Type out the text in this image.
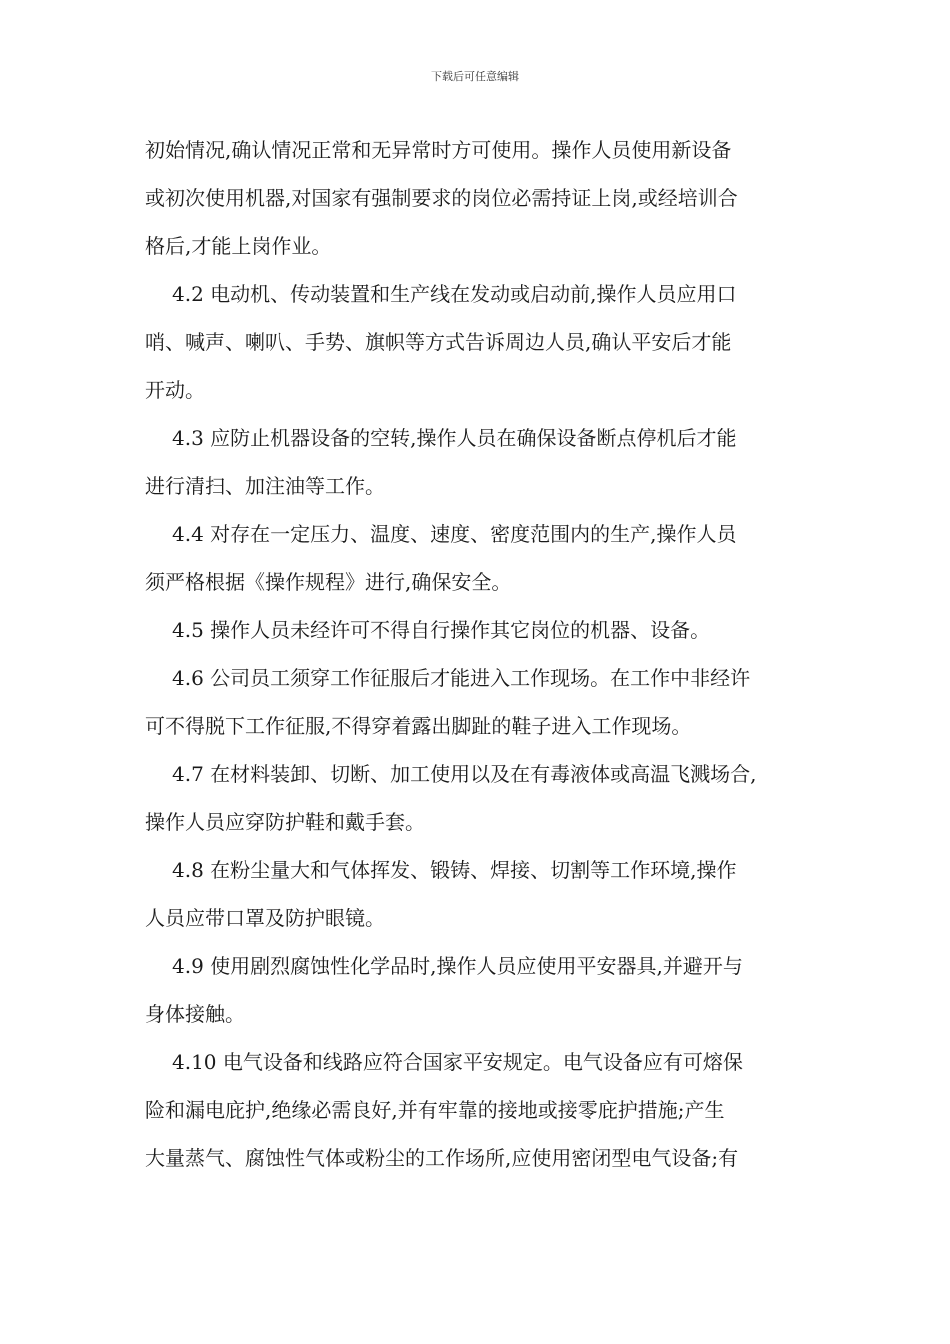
下载后可任意编辑
初始情况,确认情况正常和无异常时方可使用。操作人员使用新设备
或初次使用机器,对国家有强制要求的岗位必需持证上岗,或经培训合
格后,才能上岗作业。
4.2 电动机、传动装置和生产线在发动或启动前,操作人员应用口
哨、喊声、喇叭、手势、旗帜等方式告诉周边人员,确认平安后才能
开动。
4.3 应防止机器设备的空转,操作人员在确保设备断点停机后才能
进行清扫、加注油等工作。
4.4 对存在一定压力、温度、速度、密度范围内的生产,操作人员
须严格根据《操作规程》进行,确保安全。
4.5 操作人员未经许可不得自行操作其它岗位的机器、设备。
4.6 公司员工须穿工作征服后才能进入工作现场。在工作中非经许
可不得脱下工作征服,不得穿着露出脚趾的鞋子进入工作现场。
4.7 在材料装卸、切断、加工使用以及在有毒液体或高温飞溅场合,
操作人员应穿防护鞋和戴手套。
4.8 在粉尘量大和气体挥发、锻铸、焊接、切割等工作环境,操作
人员应带口罩及防护眼镜。
4.9 使用剧烈腐蚀性化学品时,操作人员应使用平安器具,并避开与
身体接触。
4.10 电气设备和线路应符合国家平安规定。电气设备应有可熔保
险和漏电庇护,绝缘必需良好,并有牢靠的接地或接零庇护措施;产生
大量蒸气、腐蚀性气体或粉尘的工作场所,应使用密闭型电气设备;有
